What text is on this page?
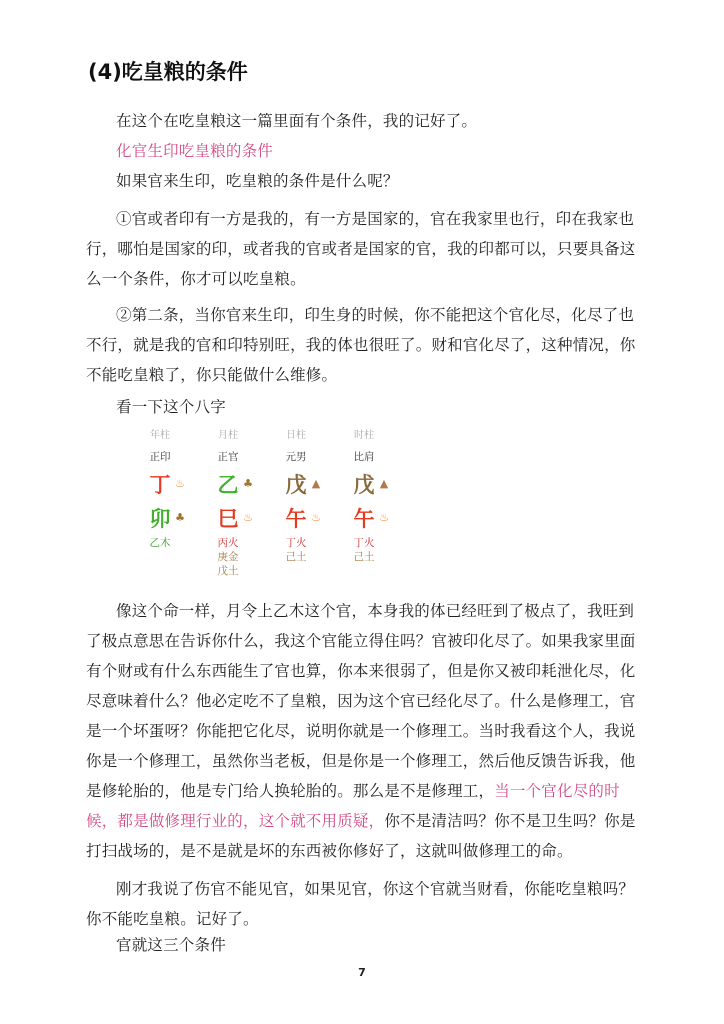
(4)吃皇粮的条件
在这个在吃皇粮这一篇里面有个条件，我的记好了。
化官生印吃皇粮的条件
如果官来生印，吃皇粮的条件是什么呢？
①官或者印有一方是我的，有一方是国家的，官在我家里也行，印在我家也行，哪怕是国家的印，或者我的官或者是国家的官，我的印都可以，只要具备这么一个条件，你才可以吃皇粮。
②第二条，当你官来生印，印生身的时候，你不能把这个官化尽，化尽了也不行，就是我的官和印特别旺，我的体也很旺了。财和官化尽了，这种情况，你不能吃皇粮了，你只能做什么维修。
看一下这个八字
年柱
正印
丁 ♨
卯 ♣
乙木
月柱
正官
乙 ♣
巳 ♨
丙火
庚金
戊土
日柱
元男
戊 ▲
午 ♨
丁火
己土
时柱
比肩
戊 ▲
午 ♨
丁火
己土
像这个命一样，月令上乙木这个官，本身我的体已经旺到了极点了，我旺到了极点意思在告诉你什么，我这个官能立得住吗？官被印化尽了。如果我家里面有个财或有什么东西能生了官也算，你本来很弱了，但是你又被印耗泄化尽，化尽意味着什么？他必定吃不了皇粮，因为这个官已经化尽了。什么是修理工，官是一个坏蛋呀？你能把它化尽，说明你就是一个修理工。当时我看这个人，我说你是一个修理工，虽然你当老板，但是你是一个修理工，然后他反馈告诉我，他是修轮胎的，他是专门给人换轮胎的。那么是不是修理工，当一个官化尽的时候，都是做修理行业的，这个就不用质疑，你不是清洁吗？你不是卫生吗？你是打扫战场的，是不是就是坏的东西被你修好了，这就叫做修理工的命。
刚才我说了伤官不能见官，如果见官，你这个官就当财看，你能吃皇粮吗？你不能吃皇粮。记好了。
官就这三个条件
7
